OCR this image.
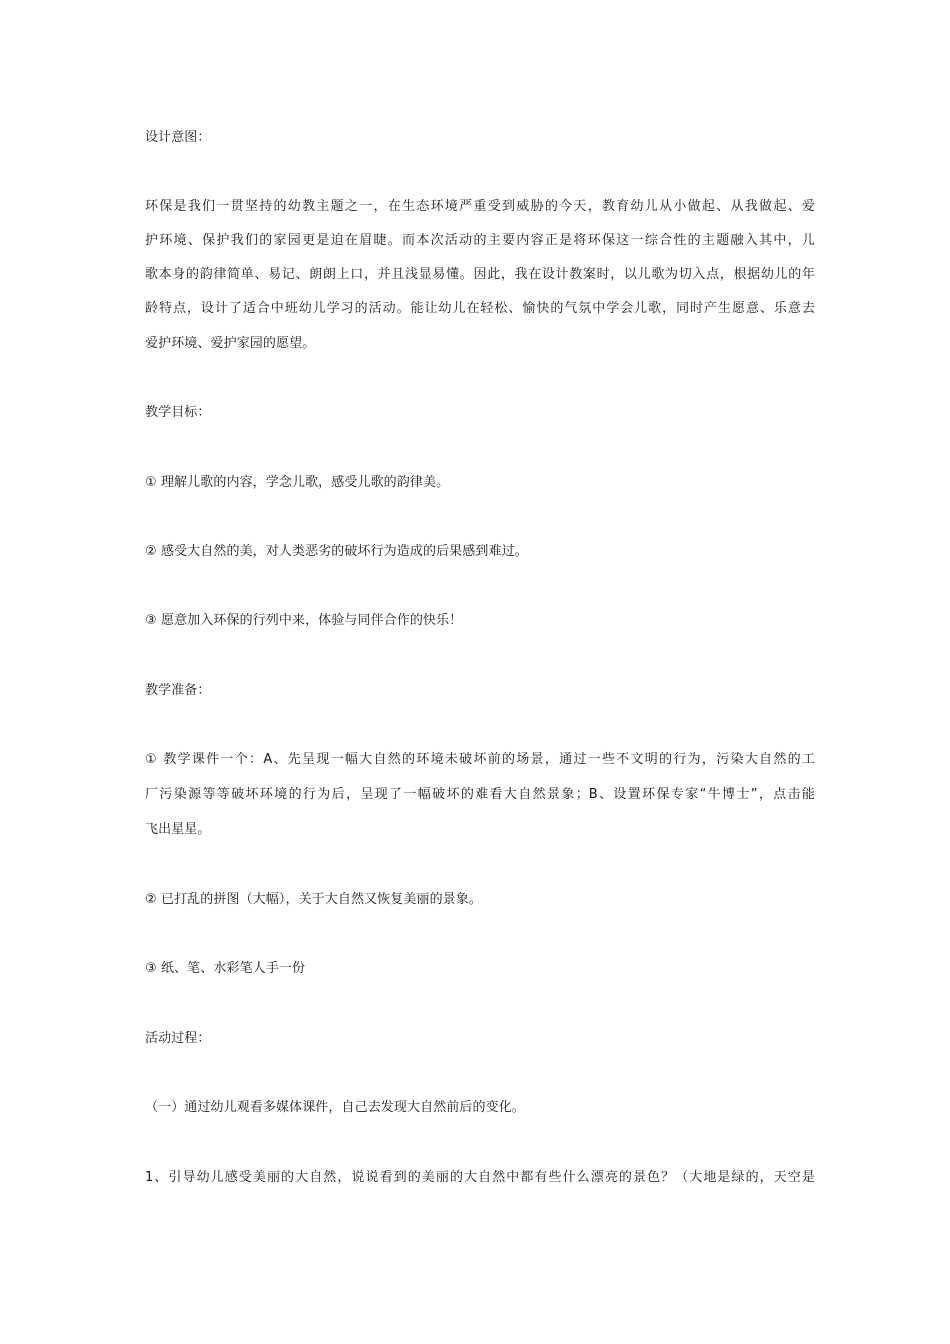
设计意图：
环保是我们一贯坚持的幼教主题之一，在生态环境严重受到威胁的今天，教育幼儿从小做起、从我做起、爱
护环境、保护我们的家园更是迫在眉睫。而本次活动的主要内容正是将环保这一综合性的主题融入其中，儿
歌本身的韵律简单、易记、朗朗上口，并且浅显易懂。因此，我在设计教案时，以儿歌为切入点，根据幼儿的年
龄特点，设计了适合中班幼儿学习的活动。能让幼儿在轻松、愉快的气氛中学会儿歌，同时产生愿意、乐意去
爱护环境、爱护家园的愿望。
教学目标：
① 理解儿歌的内容，学念儿歌，感受儿歌的韵律美。
② 感受大自然的美，对人类恶劣的破坏行为造成的后果感到难过。
③ 愿意加入环保的行列中来，体验与同伴合作的快乐！
教学准备：
① 教学课件一个：A、先呈现一幅大自然的环境未破坏前的场景，通过一些不文明的行为，污染大自然的工
厂污染源等等破坏环境的行为后，呈现了一幅破坏的难看大自然景象；B、设置环保专家“牛博士”，点击能
飞出星星。
② 已打乱的拼图（大幅），关于大自然又恢复美丽的景象。
③ 纸、笔、水彩笔人手一份
活动过程：
（一）通过幼儿观看多媒体课件，自己去发现大自然前后的变化。
1、引导幼儿感受美丽的大自然，说说看到的美丽的大自然中都有些什么漂亮的景色？（大地是绿的，天空是
